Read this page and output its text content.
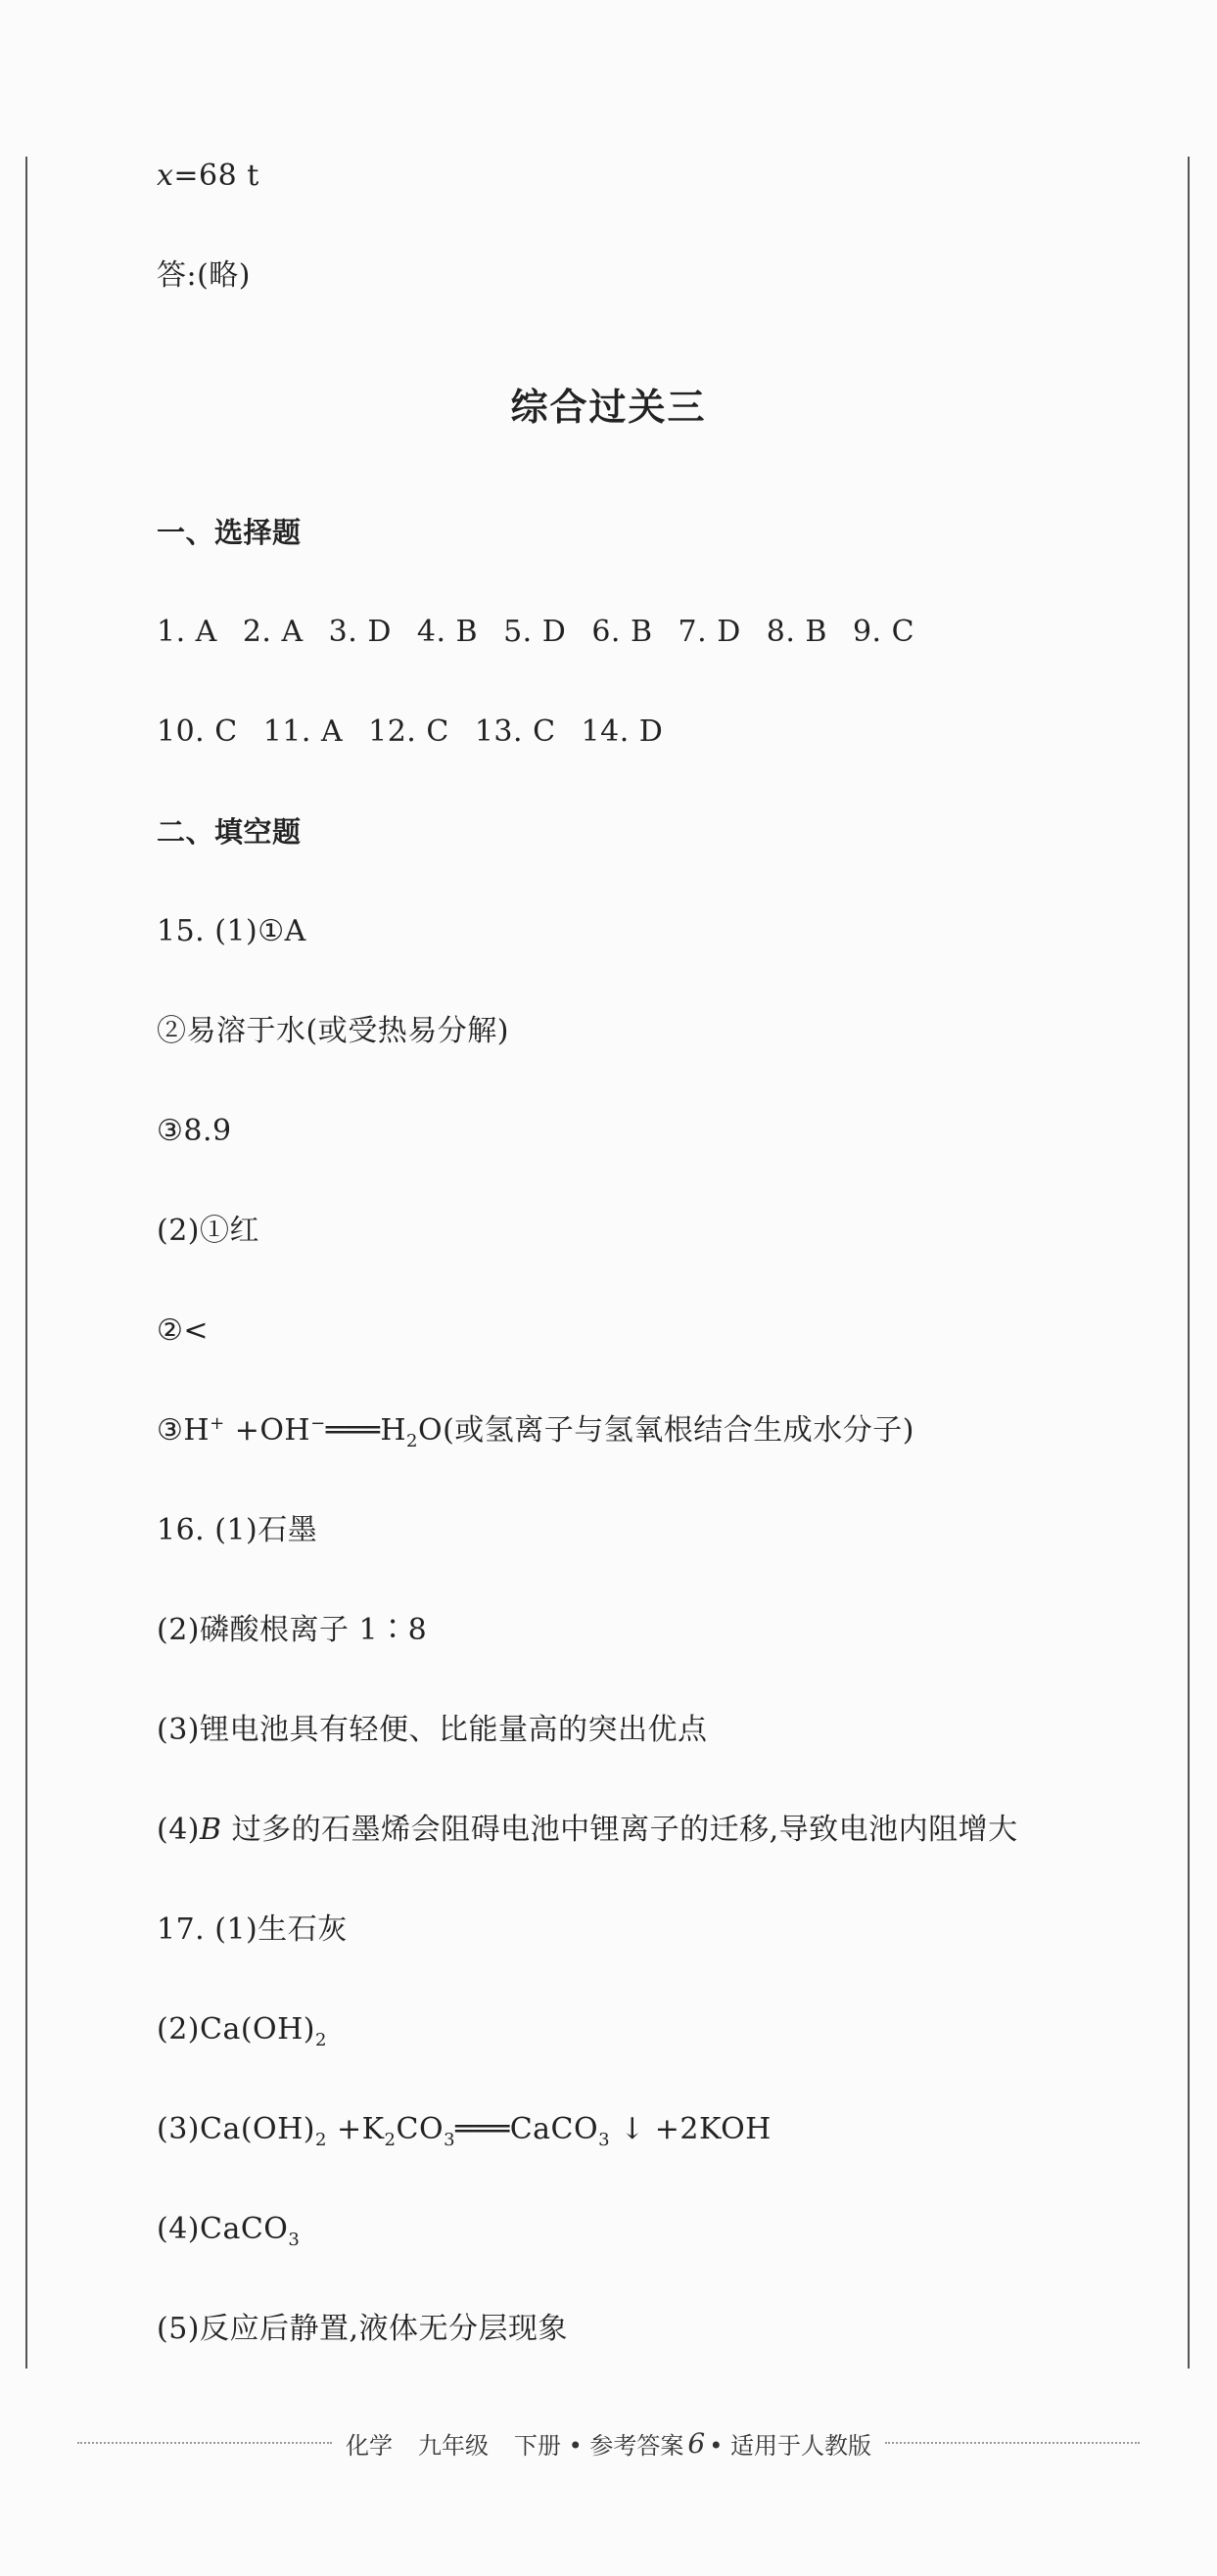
x=68 t
答:(略)
综合过关三
一、选择题
1. A 2. A 3. D 4. B 5. D 6. B 7. D 8. B 9. C
10. C 11. A 12. C 13. C 14. D
二、填空题
15. (1)①A
②易溶于水(或受热易分解)
③8.9
(2)①红
②<
③H+ $+OH^-═══H_2O$(或氢离子与氢氧根结合生成水分子)
16. (1)石墨
(2)磷酸根离子 1∶8
(3)锂电池具有轻便、比能量高的突出优点
(4)B 过多的石墨烯会阻碍电池中锂离子的迁移,导致电池内阻增大
17. (1)生石灰
$(2)Ca(OH)_2$
$(3)Ca(OH)_2$ $+K_2CO_3═══CaCO_3$ ↓ +2KOH
(4)CaCO$_3$
(5)反应后静置,液体无分层现象
化学 九年级 下册 • 参考答案 6 • 适用于人教版
